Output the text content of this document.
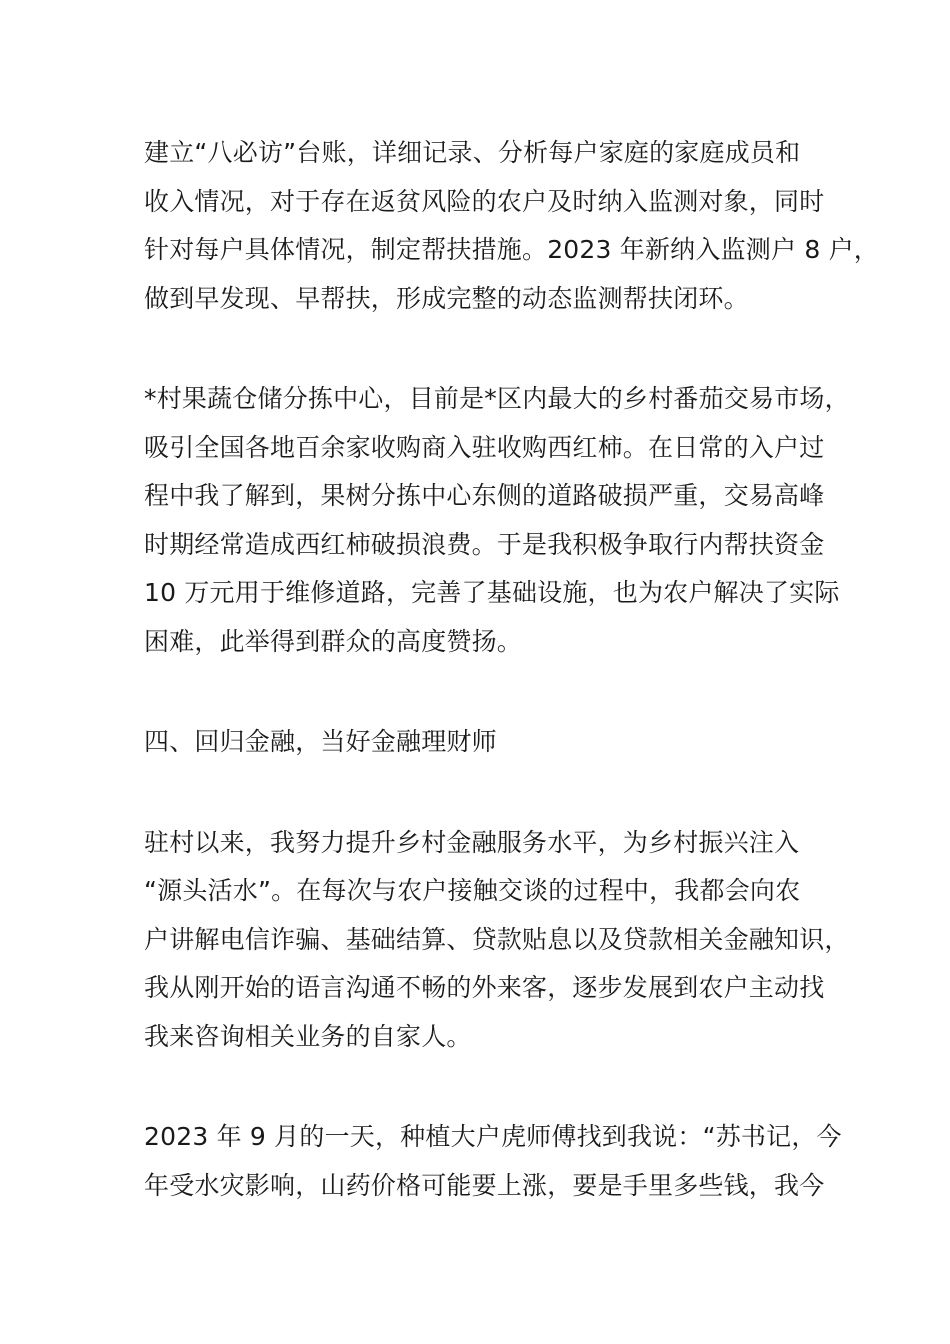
建立“八必访”台账，详细记录、分析每户家庭的家庭成员和
收入情况，对于存在返贫风险的农户及时纳入监测对象，同时
针对每户具体情况，制定帮扶措施。2023 年新纳入监测户 8 户，
做到早发现、早帮扶，形成完整的动态监测帮扶闭环。
*村果蔬仓储分拣中心，目前是*区内最大的乡村番茄交易市场，
吸引全国各地百余家收购商入驻收购西红柿。在日常的入户过
程中我了解到，果树分拣中心东侧的道路破损严重，交易高峰
时期经常造成西红柿破损浪费。于是我积极争取行内帮扶资金
10 万元用于维修道路，完善了基础设施，也为农户解决了实际
困难，此举得到群众的高度赞扬。
四、回归金融，当好金融理财师
驻村以来，我努力提升乡村金融服务水平，为乡村振兴注入
“源头活水”。在每次与农户接触交谈的过程中，我都会向农
户讲解电信诈骗、基础结算、贷款贴息以及贷款相关金融知识，
我从刚开始的语言沟通不畅的外来客，逐步发展到农户主动找
我来咨询相关业务的自家人。
2023 年 9 月的一天，种植大户虎师傅找到我说：“苏书记，今
年受水灾影响，山药价格可能要上涨，要是手里多些钱，我今
